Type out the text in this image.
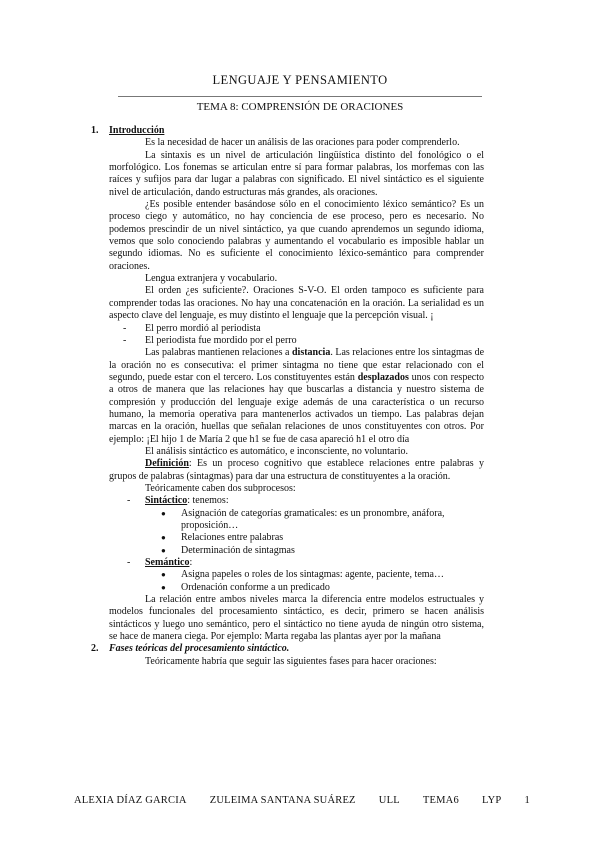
LENGUAJE Y PENSAMIENTO
TEMA 8: COMPRENSIÓN DE ORACIONES
1.	Introducción

Es la necesidad de hacer un análisis de las oraciones para poder comprenderlo.

La sintaxis es un nivel de articulación lingüística distinto del fonológico o el morfológico. Los fonemas se articulan entre sí para formar palabras, los morfemas con las raíces y sufijos para dar lugar a palabras con significado. El nivel sintáctico es el siguiente nivel de articulación, dando estructuras más grandes, als oraciones.

¿Es posible entender basándose sólo en el conocimiento léxico semántico? Es un proceso ciego y automático, no hay conciencia de ese proceso, pero es necesario. No podemos prescindir de un nivel sintáctico, ya que cuando aprendemos un segundo idioma, vemos que solo conociendo palabras y aumentando el vocabulario es imposible hablar un segundo idiomas. No es suficiente el conocimiento léxico-semántico para comprender oraciones.

Lengua extranjera y vocabulario.

El orden ¿es suficiente?. Oraciones S-V-O. El orden tampoco es suficiente para comprender todas las oraciones. No hay una concatenación en la oración. La serialidad es un aspecto clave del lenguaje, es muy distinto el lenguaje que la percepción visual. ¡

-	El perro mordió al periodista
-	El periodista fue mordido por el perro

Las palabras mantienen relaciones a distancia. Las relaciones entre los sintagmas de la oración no es consecutiva: el primer sintagma no tiene que estar relacionado con el segundo, puede estar con el tercero. Los constituyentes están desplazados unos con respecto a otros de manera que las relaciones hay que buscarlas a distancia y nuestro sistema de compresión y producción del lenguaje exige además de una característica o un recurso humano, la memoria operativa para mantenerlos activados un tiempo. Las palabras dejan marcas en la oración, huellas que señalan relaciones de unos constituyentes con otros. Por ejemplo: ¡El hijo 1 de María 2 que h1 se fue de casa apareció h1 el otro día

El análisis sintáctico es automático, e inconsciente, no voluntario.

Definición: Es un proceso cognitivo que establece relaciones entre palabras y grupos de palabras (sintagmas) para dar una estructura de constituyentes a la oración.

Teóricamente caben dos subprocesos:

-	Sintáctico: tenemos:
●	Asignación de categorías gramaticales: es un pronombre, anáfora, proposición…
●	Relaciones entre palabras
●	Determinación de sintagmas
-	Semántico:
●	Asigna papeles o roles de los sintagmas: agente, paciente, tema…
●	Ordenación conforme a un predicado

La relación entre ambos niveles marca la diferencia entre modelos estructuales y modelos funcionales del procesamiento sintáctico, es decir, primero se hacen análisis sintácticos y luego uno semántico, pero el sintáctico no tiene ayuda de ningún otro sistema, se hace de manera ciega. Por ejemplo: Marta regaba las plantas ayer por la mañana

2.	Fases teóricas del procesamiento sintáctico.

Teóricamente habría que seguir las siguientes fases para hacer oraciones:

ALEXIA DÍAZ GARCIA ZULEIMA SANTANA SUÁREZ ULL TEMA6 LYP 1
